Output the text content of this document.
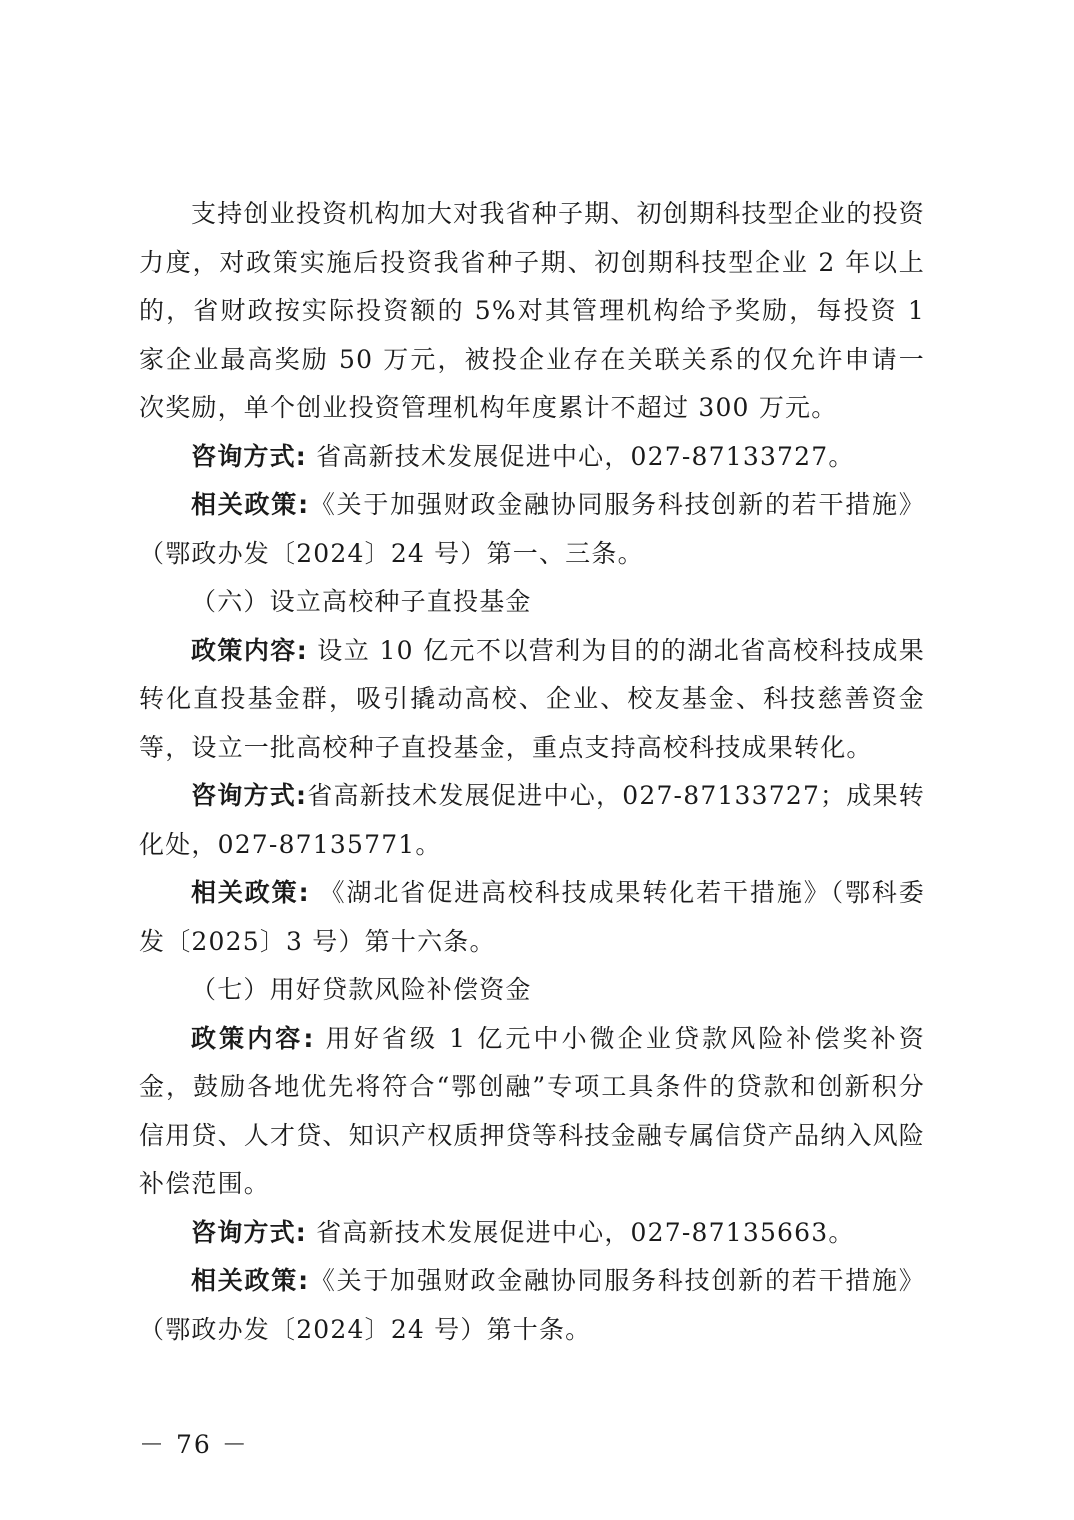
支持创业投资机构加大对我省种子期、初创期科技型企业的投资力度，对政策实施后投资我省种子期、初创期科技型企业 2 年以上的，省财政按实际投资额的 5%对其管理机构给予奖励，每投资 1 家企业最高奖励 50 万元，被投企业存在关联关系的仅允许申请一次奖励，单个创业投资管理机构年度累计不超过 300 万元。

咨询方式: 省高新技术发展促进中心，027-87133727。

相关政策:《关于加强财政金融协同服务科技创新的若干措施》（鄂政办发〔2024〕24 号）第一、三条。

（六）设立高校种子直投基金

政策内容: 设立 10 亿元不以营利为目的的湖北省高校科技成果转化直投基金群，吸引撬动高校、企业、校友基金、科技慈善资金等，设立一批高校种子直投基金，重点支持高校科技成果转化。

咨询方式:省高新技术发展促进中心，027-87133727；成果转化处，027-87135771。

相关政策: 《湖北省促进高校科技成果转化若干措施》（鄂科委发〔2025〕3 号）第十六条。

（七）用好贷款风险补偿资金

政策内容: 用好省级 1 亿元中小微企业贷款风险补偿奖补资金，鼓励各地优先将符合“鄂创融”专项工具条件的贷款和创新积分信用贷、人才贷、知识产权质押贷等科技金融专属信贷产品纳入风险补偿范围。

咨询方式: 省高新技术发展促进中心，027-87135663。

相关政策:《关于加强财政金融协同服务科技创新的若干措施》（鄂政办发〔2024〕24 号）第十条。

－ 76 －
